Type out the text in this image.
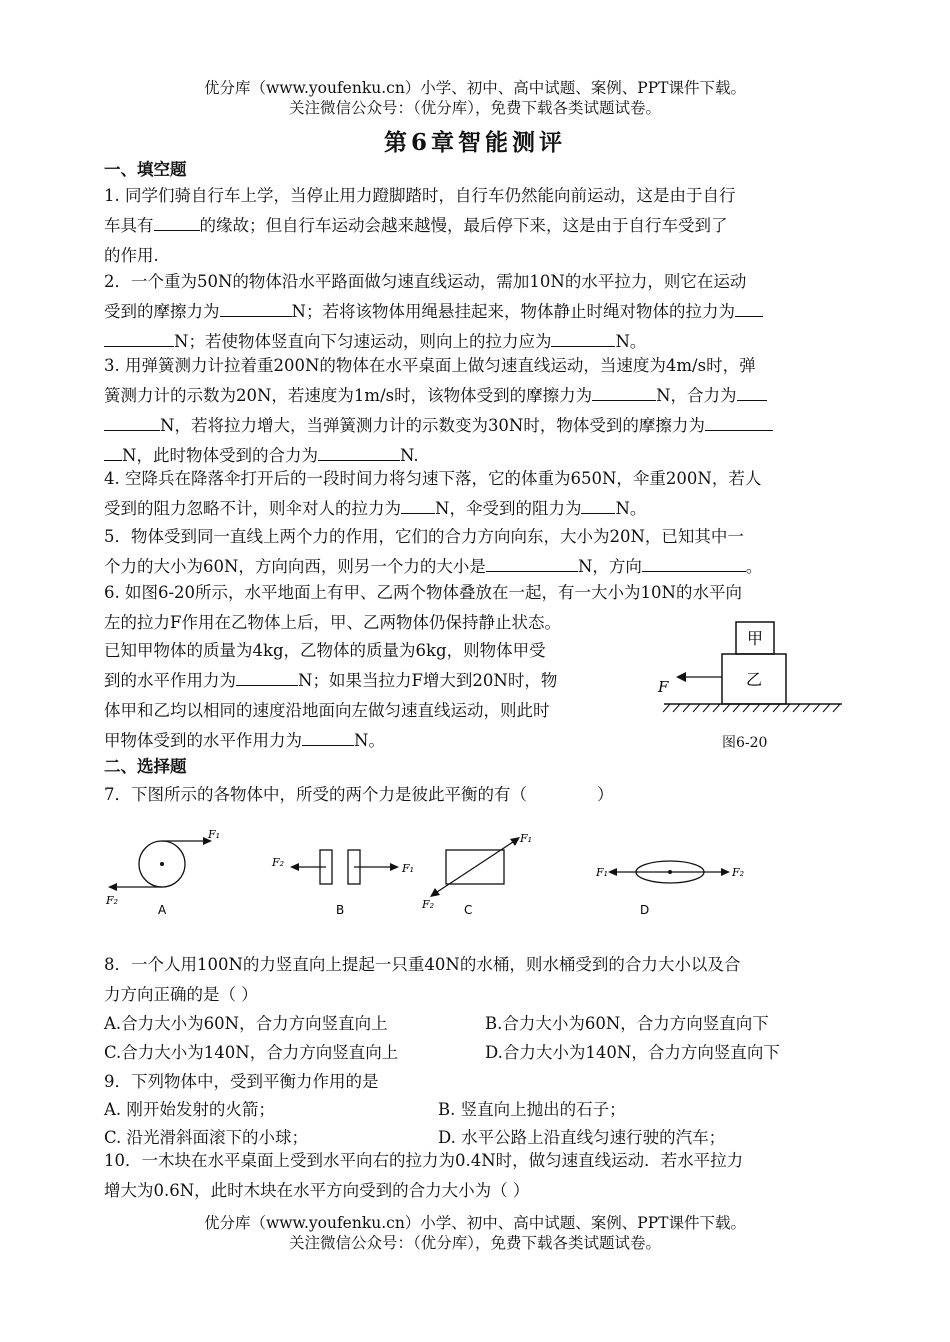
优分库（www.youfenku.cn）小学、初中、高中试题、案例、PPT课件下载。
关注微信公众号：（优分库），免费下载各类试题试卷。
第6章智能测评
一、填空题
1. 同学们骑自行车上学，当停止用力蹬脚踏时，自行车仍然能向前运动，这是由于自行
车具有	的缘故；但自行车运动会越来越慢，最后停下来，这是由于自行车受到了
的作用.
2．一个重为50N的物体沿水平路面做匀速直线运动，需加10N的水平拉力，则它在运动
受到的摩擦力为	N；若将该物体用绳悬挂起来，物体静止时绳对物体的拉力为
N；若使物体竖直向下匀速运动，则向上的拉力应为	N。
3. 用弹簧测力计拉着重200N的物体在水平桌面上做匀速直线运动，当速度为4m/s时，弹
簧测力计的示数为20N，若速度为1m/s时，该物体受到的摩擦力为	N，合力为
N，若将拉力增大，当弹簧测力计的示数变为30N时，物体受到的摩擦力为
N，此时物体受到的合力为	N.
4. 空降兵在降落伞打开后的一段时间力将匀速下落，它的体重为650N，伞重200N，若人
受到的阻力忽略不计，则伞对人的拉力为 N，伞受到的阻力为 N。
5．物体受到同一直线上两个力的作用，它们的合力方向向东，大小为20N，已知其中一
个力的大小为60N，方向向西，则另一个力的大小是	N，方向	。
6. 如图6-20所示，水平地面上有甲、乙两个物体叠放在一起，有一大小为10N的水平向
左的拉力F作用在乙物体上后，甲、乙两物体仍保持静止状态。
已知甲物体的质量为4kg，乙物体的质量为6kg，则物体甲受
到的水平作用力为	N；如果当拉力F增大到20N时，物
体甲和乙均以相同的速度沿地面向左做匀速直线运动，则此时
甲物体受到的水平作用力为	N。
甲
乙
F
图6-20
二、选择题
7．下图所示的各物体中，所受的两个力是彼此平衡的有（	）
F₁
F₂
A
F₂	F₁
B
F₁
F₂ C
F₁	F₂
D
8．一个人用100N的力竖直向上提起一只重40N的水桶，则水桶受到的合力大小以及合
力方向正确的是（ ）
A.合力大小为60N，合力方向竖直向上	B.合力大小为60N，合力方向竖直向下
C.合力大小为140N，合力方向竖直向上	D.合力大小为140N，合力方向竖直向下
9．下列物体中，受到平衡力作用的是
A. 刚开始发射的火箭；	B. 竖直向上抛出的石子；
C. 沿光滑斜面滚下的小球；	D. 水平公路上沿直线匀速行驶的汽车；
10．一木块在水平桌面上受到水平向右的拉力为0.4N时，做匀速直线运动．若水平拉力
增大为0.6N，此时木块在水平方向受到的合力大小为（ ）
优分库（www.youfenku.cn）小学、初中、高中试题、案例、PPT课件下载。
关注微信公众号：（优分库），免费下载各类试题试卷。
